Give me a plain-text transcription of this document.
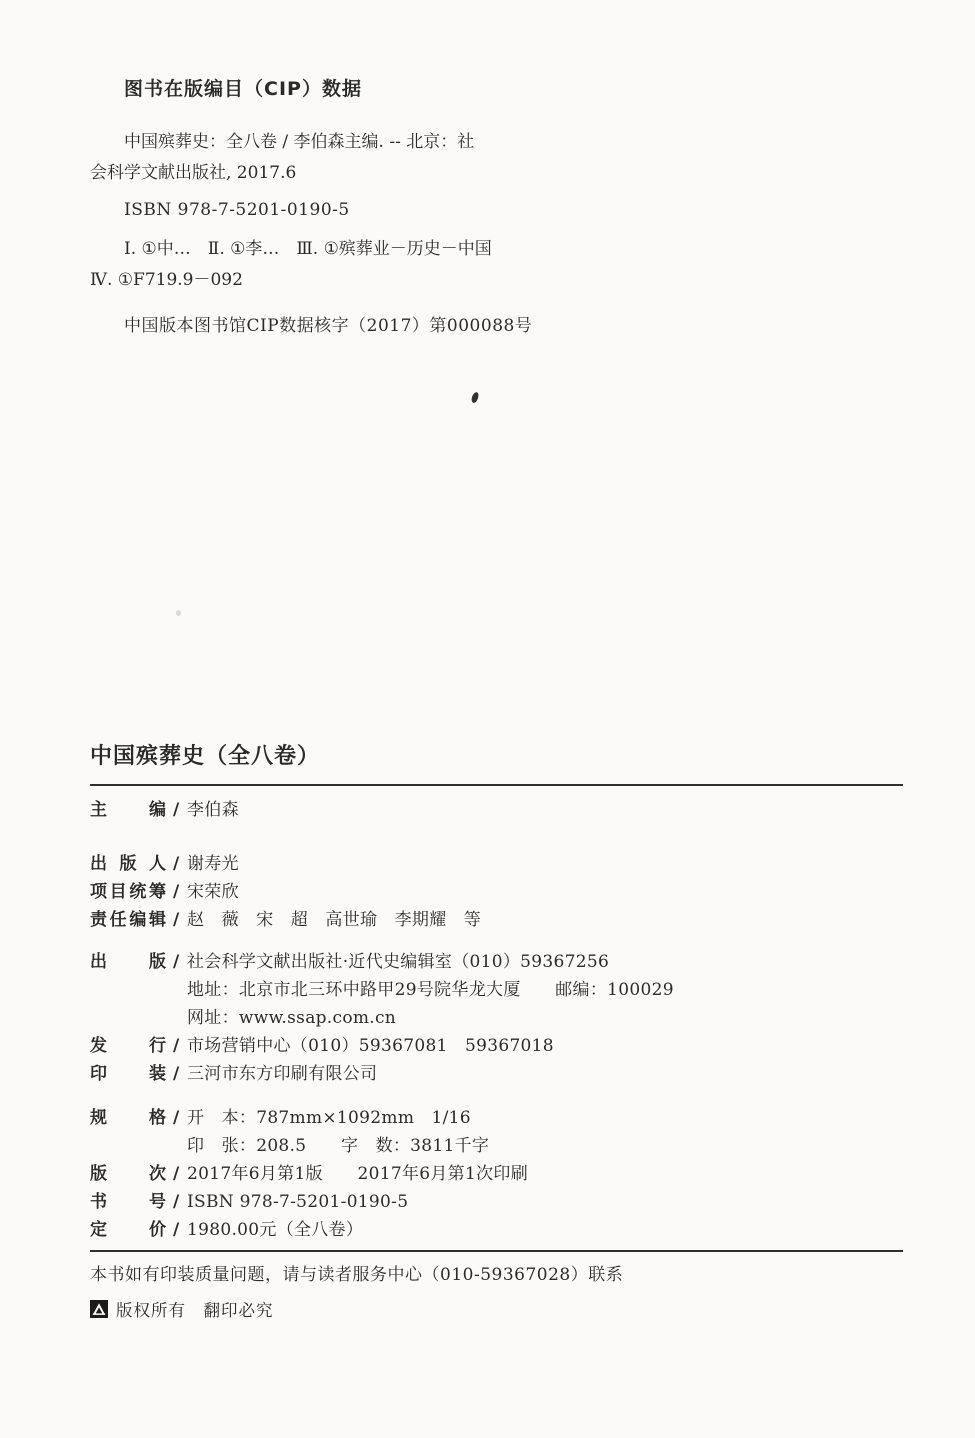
图书在版编目（CIP）数据
中国殡葬史：全八卷 / 李伯森主编. -- 北京：社
会科学文献出版社, 2017.6
ISBN 978-7-5201-0190-5
Ⅰ. ①中…　Ⅱ. ①李…　Ⅲ. ①殡葬业－历史－中国
Ⅳ. ①F719.9－092
中国版本图书馆CIP数据核字（2017）第000088号
中国殡葬史（全八卷）
主编 / 李伯森
出版人 / 谢寿光
项目统筹 / 宋荣欣
责任编辑 / 赵　薇　宋　超　高世瑜　李期耀　等
出版 / 社会科学文献出版社·近代史编辑室（010）59367256
地址：北京市北三环中路甲29号院华龙大厦　　邮编：100029
网址：www.ssap.com.cn
发行 / 市场营销中心（010）59367081　59367018
印装 / 三河市东方印刷有限公司
规格 / 开　本：787mm×1092mm　1/16
印　张：208.5　　字　数：3811千字
版次 / 2017年6月第1版　　2017年6月第1次印刷
书号 / ISBN 978-7-5201-0190-5
定价 / 1980.00元（全八卷）
本书如有印装质量问题，请与读者服务中心（010-59367028）联系
版权所有　翻印必究
